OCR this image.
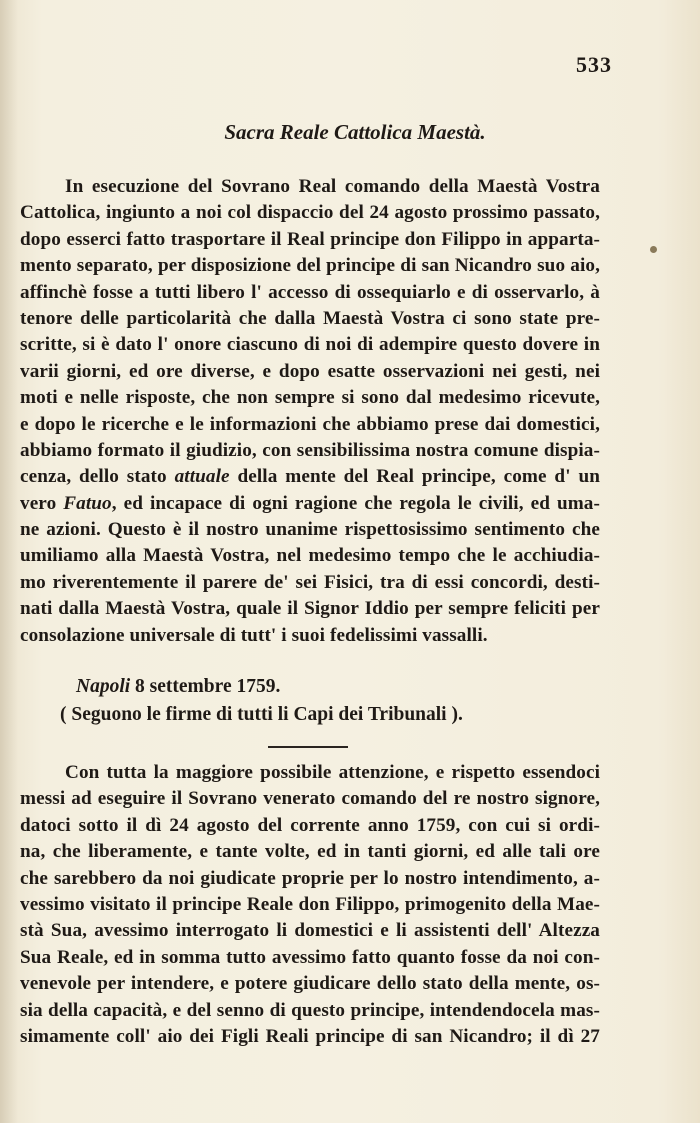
533
Sacra Reale Cattolica Maestà.
In esecuzione del Sovrano Real comando della Maestà Vostra
Cattolica, ingiunto a noi col dispaccio del 24 agosto prossimo passato,
dopo esserci fatto trasportare il Real principe don Filippo in apparta-
mento separato, per disposizione del principe di san Nicandro suo aio,
affinchè fosse a tutti libero l' accesso di ossequiarlo e di osservarlo, à
tenore delle particolarità che dalla Maestà Vostra ci sono state pre-
scritte, si è dato l' onore ciascuno di noi di adempire questo dovere in
varii giorni, ed ore diverse, e dopo esatte osservazioni nei gesti, nei
moti e nelle risposte, che non sempre si sono dal medesimo ricevute,
e dopo le ricerche e le informazioni che abbiamo prese dai domestici,
abbiamo formato il giudizio, con sensibilissima nostra comune dispia-
cenza, dello stato attuale della mente del Real principe, come d' un
vero Fatuo, ed incapace di ogni ragione che regola le civili, ed uma-
ne azioni. Questo è il nostro unanime rispettosissimo sentimento che
umiliamo alla Maestà Vostra, nel medesimo tempo che le acchiudia-
mo riverentemente il parere de' sei Fisici, tra di essi concordi, desti-
nati dalla Maestà Vostra, quale il Signor Iddio per sempre feliciti per
consolazione universale di tutt' i suoi fedelissimi vassalli.
Napoli 8 settembre 1759.
( Seguono le firme di tutti li Capi dei Tribunali ).
Con tutta la maggiore possibile attenzione, e rispetto essendoci
messi ad eseguire il Sovrano venerato comando del re nostro signore,
datoci sotto il dì 24 agosto del corrente anno 1759, con cui si ordi-
na, che liberamente, e tante volte, ed in tanti giorni, ed alle tali ore
che sarebbero da noi giudicate proprie per lo nostro intendimento, a-
vessimo visitato il principe Reale don Filippo, primogenito della Mae-
stà Sua, avessimo interrogato li domestici e li assistenti dell' Altezza
Sua Reale, ed in somma tutto avessimo fatto quanto fosse da noi con-
venevole per intendere, e potere giudicare dello stato della mente, os-
sia della capacità, e del senno di questo principe, intendendocela mas-
simamente coll' aio dei Figli Reali principe di san Nicandro; il dì 27
